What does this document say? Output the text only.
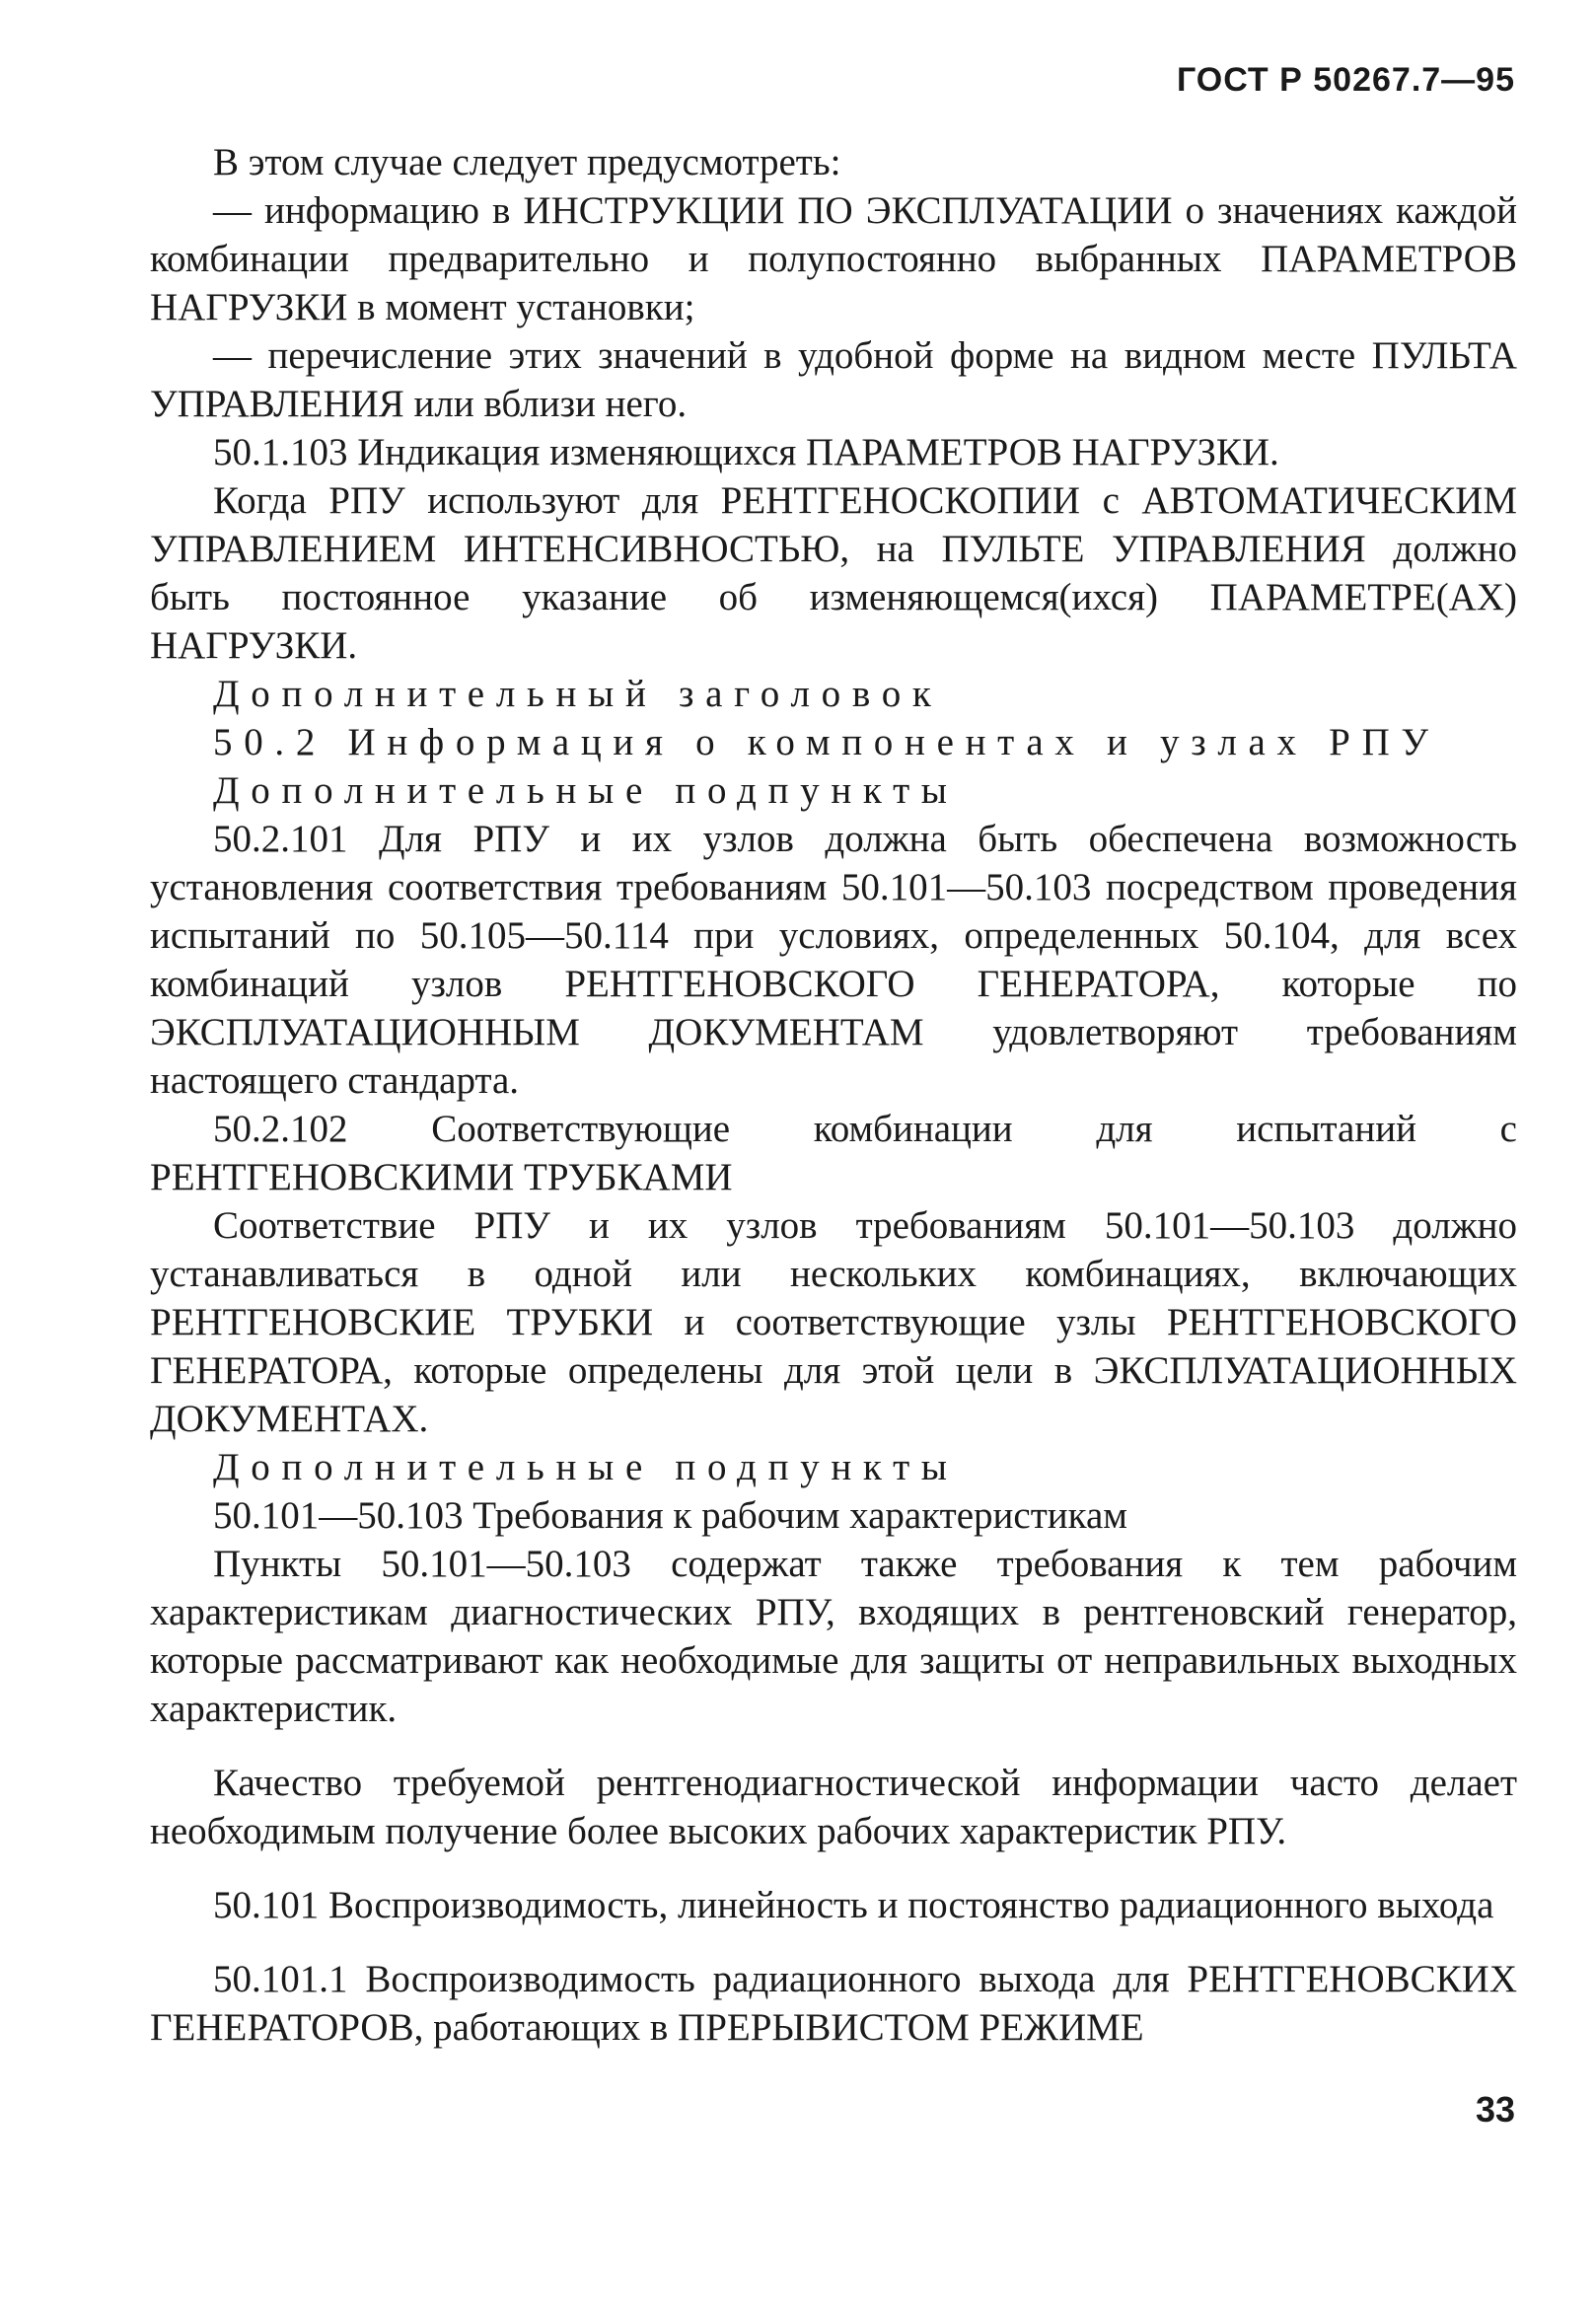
ГОСТ Р 50267.7—95

В этом случае следует предусмотреть:

— информацию в ИНСТРУКЦИИ ПО ЭКСПЛУАТАЦИИ о значениях каждой комбинации предварительно и полупостоянно выбранных ПАРАМЕТРОВ НАГРУЗКИ в момент установки;

— перечисление этих значений в удобной форме на видном месте ПУЛЬТА УПРАВЛЕНИЯ или вблизи него.

50.1.103 Индикация изменяющихся ПАРАМЕТРОВ НАГРУЗКИ.

Когда РПУ используют для РЕНТГЕНОСКОПИИ с АВТОМАТИЧЕСКИМ УПРАВЛЕНИЕМ ИНТЕНСИВНОСТЬЮ, на ПУЛЬТЕ УПРАВЛЕНИЯ должно быть постоянное указание об изменяющемся(ихся) ПАРАМЕТРЕ(АХ) НАГРУЗКИ.

Дополнительный заголовок

50.2 Информация о компонентах и узлах РПУ

Дополнительные подпункты

50.2.101 Для РПУ и их узлов должна быть обеспечена возможность установления соответствия требованиям 50.101—50.103 посредством проведения испытаний по 50.105—50.114 при условиях, определенных 50.104, для всех комбинаций узлов РЕНТГЕНОВСКОГО ГЕНЕРАТОРА, которые по ЭКСПЛУАТАЦИОННЫМ ДОКУМЕНТАМ удовлетворяют требованиям настоящего стандарта.

50.2.102 Соответствующие комбинации для испытаний с РЕНТГЕНОВСКИМИ ТРУБКАМИ

Соответствие РПУ и их узлов требованиям 50.101—50.103 должно устанавливаться в одной или нескольких комбинациях, включающих РЕНТГЕНОВСКИЕ ТРУБКИ и соответствующие узлы РЕНТГЕНОВСКОГО ГЕНЕРАТОРА, которые определены для этой цели в ЭКСПЛУАТАЦИОННЫХ ДОКУМЕНТАХ.

Дополнительные подпункты

50.101—50.103 Требования к рабочим характеристикам

Пункты 50.101—50.103 содержат также требования к тем рабочим характеристикам диагностических РПУ, входящих в рентгеновский генератор, которые рассматривают как необходимые для защиты от неправильных выходных характеристик.

Качество требуемой рентгенодиагностической информации часто делает необходимым получение более высоких рабочих характеристик РПУ.

50.101 Воспроизводимость, линейность и постоянство радиационного выхода

50.101.1 Воспроизводимость радиационного выхода для РЕНТГЕНОВСКИХ ГЕНЕРАТОРОВ, работающих в ПРЕРЫВИСТОМ РЕЖИМЕ

33
